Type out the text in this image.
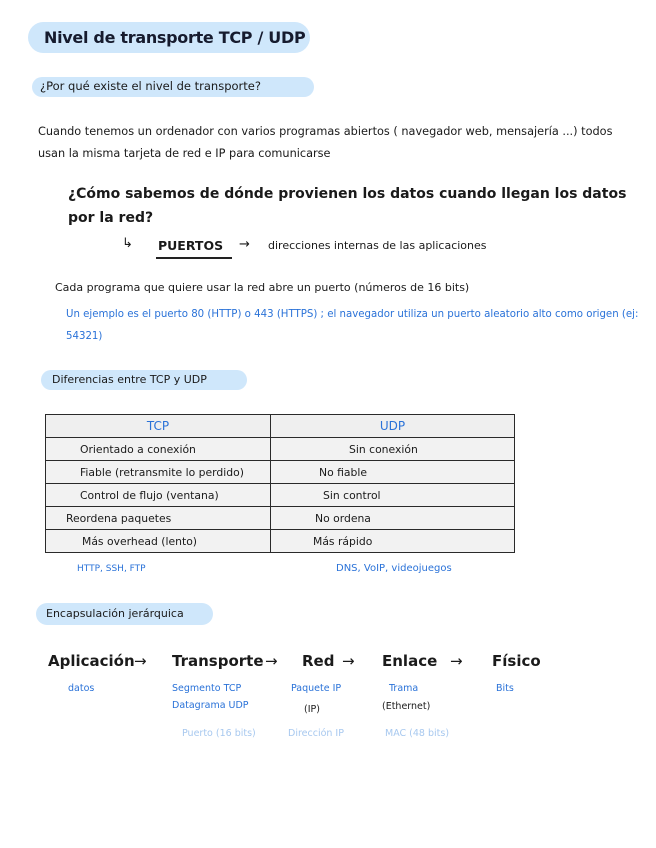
Nivel de transporte TCP / UDP
¿Por qué existe el nivel de transporte?
Cuando tenemos un ordenador con varios programas abiertos ( navegador web, mensajería ...) todos usan la misma tarjeta de red e IP para comunicarse
¿Cómo sabemos de dónde provienen los datos cuando llegan los datos por la red?
↳ PUERTOS → direcciones internas de las aplicaciones
Cada programa que quiere usar la red abre un puerto (números de 16 bits)
Un ejemplo es el puerto 80 (HTTP) o 443 (HTTPS) ; el navegador utiliza un puerto aleatorio alto como origen (ej: 54321)
Diferencias entre TCP y UDP
TCP	UDP
Orientado a conexión	Sin conexión
Fiable (retransmite lo perdido)	No fiable
Control de flujo (ventana)	Sin control
Reordena paquetes	No ordena
Más overhead (lento)	Más rápido
HTTP, SSH, FTP	DNS, VoIP, videojuegos
Encapsulación jerárquica
Aplicación → Transporte → Red → Enlace → Físico
datos	Segmento TCP
Datagrama UDP
Paquete IP
(IP)
Trama
(Ethernet)
Bits
Puerto (16 bits)	Dirección IP	MAC (48 bits)
